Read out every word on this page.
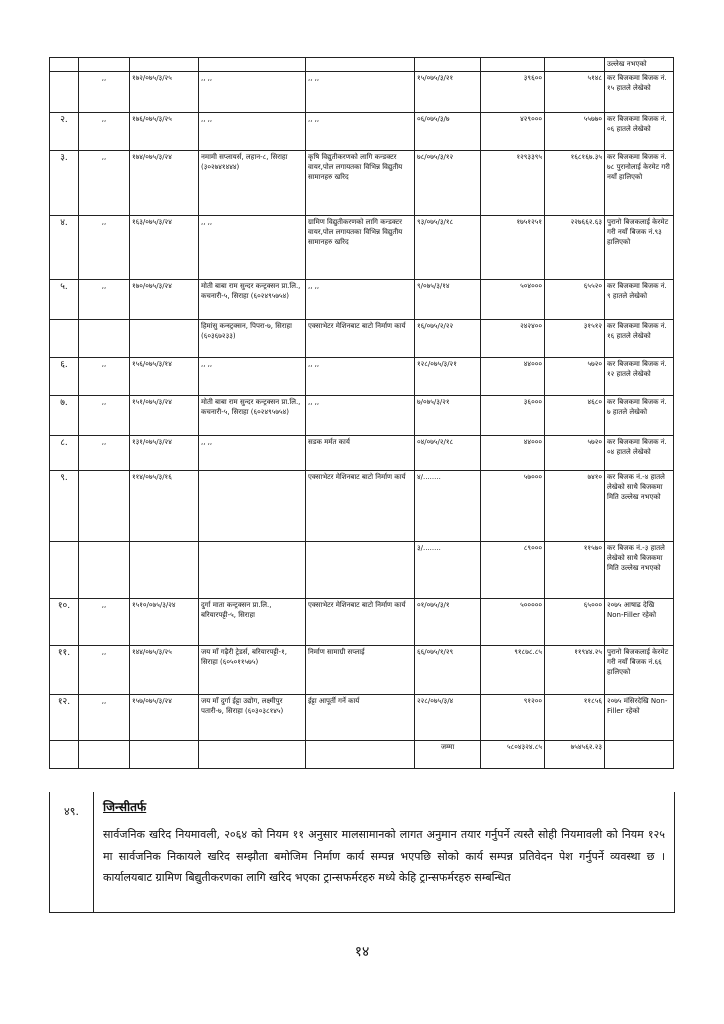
								उल्लेख नभएको
	,,	१७२/०७५/३/२५	,, ,,	,, ,,	१५/०७५/३/२१	३९६००	५१४८	कर बिजकमा बिजक नं. १५ हातले लेखेको
२.	,,	१७६/०७५/३/२५	,, ,,	,, ,,	०६/०७५/३/७	४२९०००	५५७७०	कर बिजकमा बिजक नं. ०६ हातले लेखेको
३.	,,	१७४/०७५/३/२४	नमामी सप्लायर्स, लहान-८, सिराहा (३०२७४१४४४)	कृषि विद्युतीकरणको लागि कन्डक्टर वायर,पोल लगायतका विभिन्न विद्युतीय सामानहरु खरिद	७८/०७५/३/१२	१२९३३९५	१६८१६७.३५	कर बिजकमा बिजक नं. ७८ पुरानोलाई केरमेट गरी नयाँ हालिएको
४.	,,	१६३/०७५/३/२४	,, ,,	ग्रामिण विद्युतीकरणको लागि कन्डक्टर वायर,पोल लगायतका विभिन्न विद्युतीय सामानहरु खरिद	९३/०७५/३/१८	१७५१२५१	२२७६६२.६३	पुरानो बिजकलाई केरमेट गरी नयाँ बिजक नं.९३ हालिएको
५.	,,	१७०/०७५/३/२४	मोती बाबा राम सुन्दर कन्ट्रक्सन प्रा.लि., कचनारी-५, सिराहा (६०२४९५७५४)	,, ,,	९/०७५/३/१४	५०४०००	६५५२०	कर बिजकमा बिजक नं. ९ हातले लेखेको
			हिमांसु कन्स्ट्रक्सन, पिपरा-७, सिराहा (६०३६७२३३)	एक्साभेटर मेशिनबाट बाटो निर्माण कार्य	१६/०७५/२/२२	२४२४००	३१५१२	कर बिजकमा बिजक नं. १६ हातले लेखेको
६.	,,	१५६/०७५/३/१४	,, ,,	,, ,,	१२८/०७५/३/२१	४४०००	५७२०	कर बिजकमा बिजक नं. १२ हातले लेखेको
७.	,,	१५१/०७५/३/२४	मोती बाबा राम सुन्दर कन्ट्रक्सन प्रा.लि., कचनारी-५, सिराहा (६०२४९५७५४)	,, ,,	७/०७५/३/२१	३६०००	४६८०	कर बिजकमा बिजक नं. ७ हातले लेखेको
८.	,,	१३१/०७५/३/२४	,, ,,	सडक मर्मत कार्य	०४/०७५/२/१८	४४०००	५७२०	कर बिजकमा बिजक नं. ०४ हातले लेखेको
९.		११४/०७५/३/१६		एक्साभेटर मेशिनबाट बाटो निर्माण कार्य	४/........	५७०००	७४१०	कर बिजक नं.-४ हातले लेखेको साथै बिजकमा मिति उल्लेख नभएको
					३/........	८९०००	११५७०	कर बिजक नं.-३ हातले लेखेको साथै बिजकमा मिति उल्लेख नभएको
१०.	,,	१५१०/०७५/३/२४	दुर्गा माता कन्ट्रक्सन प्रा.लि., बरियारपट्टी-५, सिराहा	एक्साभेटर मेशिनबाट बाटो निर्माण कार्य	०१/०७५/३/१	५०००००	६५०००	२०७५ आषाढ देखि Non-Filler रहेको
११.	,,	१४४/०७५/३/२५	जय माँ गढ़ैरी ट्रेडर्स, बरियारपट्टी-१, सिराहा (६०५०११५७५)	निर्माण सामाग्री सप्लाई	६६/०७५/१/२९	९१८७८.८५	११९४४.२५	पुरानो बिजकलाई केरमेट गरी नयाँ बिजक नं.६६ हालिएको
१२.	,,	१५७/०७५/३/२४	जय माँ दुर्गा ईट्टा उद्योग, लक्ष्मीपुर पतारी-७, सिराहा (६०३०३८१४५)	ईट्टा आपूर्ती गर्ने कार्य	२२८/०७५/३/४	९१२००	११८५६	२०७५ मंसिरदेखि Non-Filler रहेको
					जम्मा	५८०४३२४.८५	७५४५६२.२३	
४९.	जिन्सीतर्फ
सार्वजनिक खरिद नियमावली, २०६४ को नियम ११ अनुसार मालसामानको लागत अनुमान तयार गर्नुपर्ने त्यस्तै सोही नियमावली को नियम १२५ मा सार्वजनिक निकायले खरिद सम्झौता बमोजिम निर्माण कार्य सम्पन्न भएपछि सोको कार्य सम्पन्न प्रतिवेदन पेश गर्नुपर्ने व्यवस्था छ । कार्यालयबाट ग्रामिण बिद्युतीकरणका लागि खरिद भएका ट्रान्सफर्मरहरु मध्ये केहि ट्रान्सफर्मरहरु सम्बन्धित
१४
